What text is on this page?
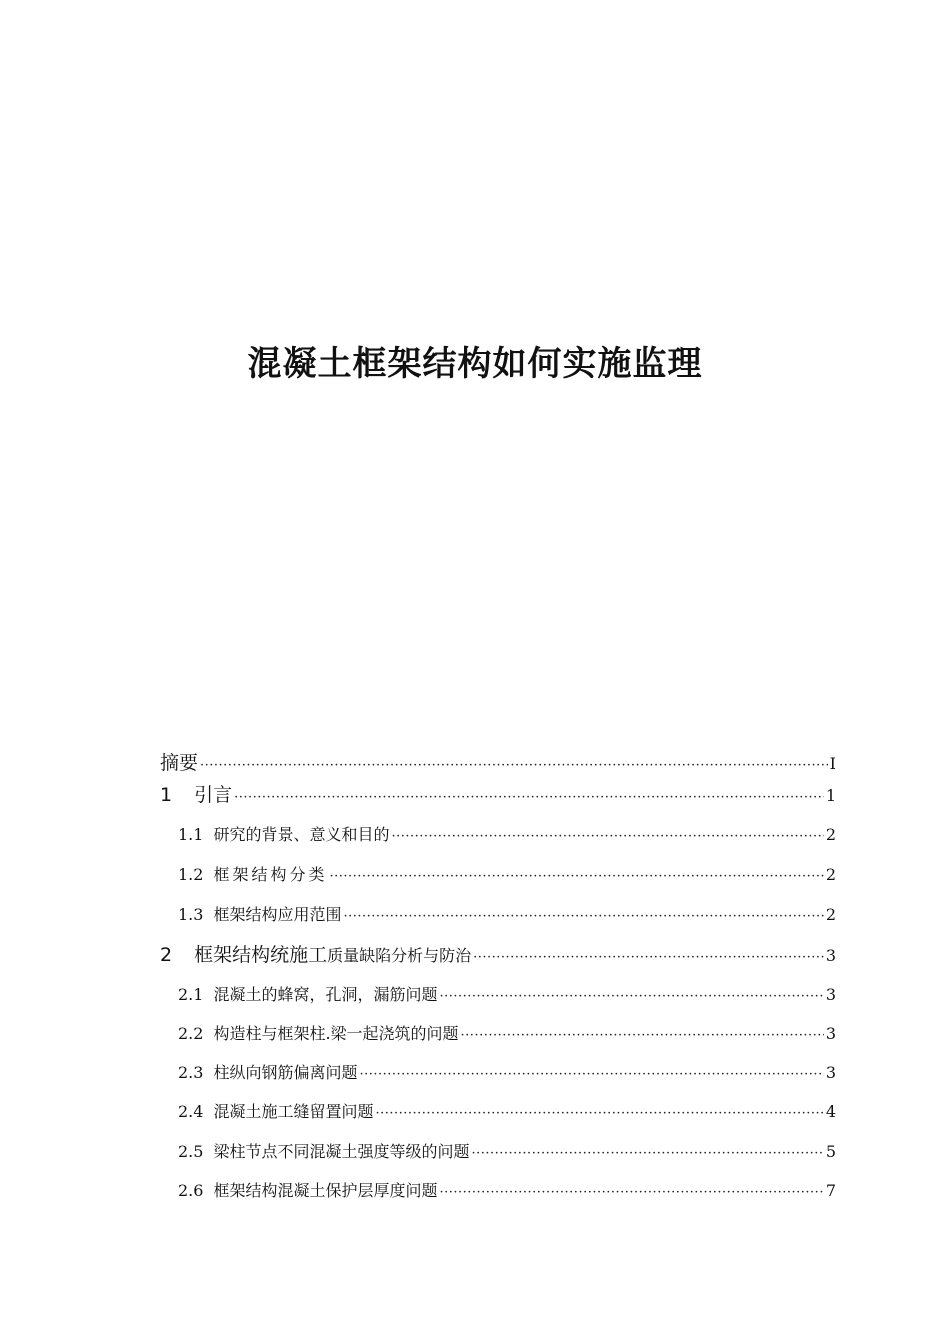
混凝土框架结构如何实施监理
摘要 ·····	I
1 引言 ·····	1
1.1 研究的背景、意义和目的 ·····	2
1.2 框架结构分类 ·····	2
1.3 框架结构应用范围 ·····	2
2 框架结构统施工质量缺陷分析与防治 ·····	3
2.1 混凝土的蜂窝，孔洞，漏筋问题 ·····	3
2.2 构造柱与框架柱.梁一起浇筑的问题 ·····	3
2.3 柱纵向钢筋偏离问题 ·····	3
2.4 混凝土施工缝留置问题 ·····	4
2.5 梁柱节点不同混凝土强度等级的问题 ·····	5
2.6 框架结构混凝土保护层厚度问题 ·····	7
